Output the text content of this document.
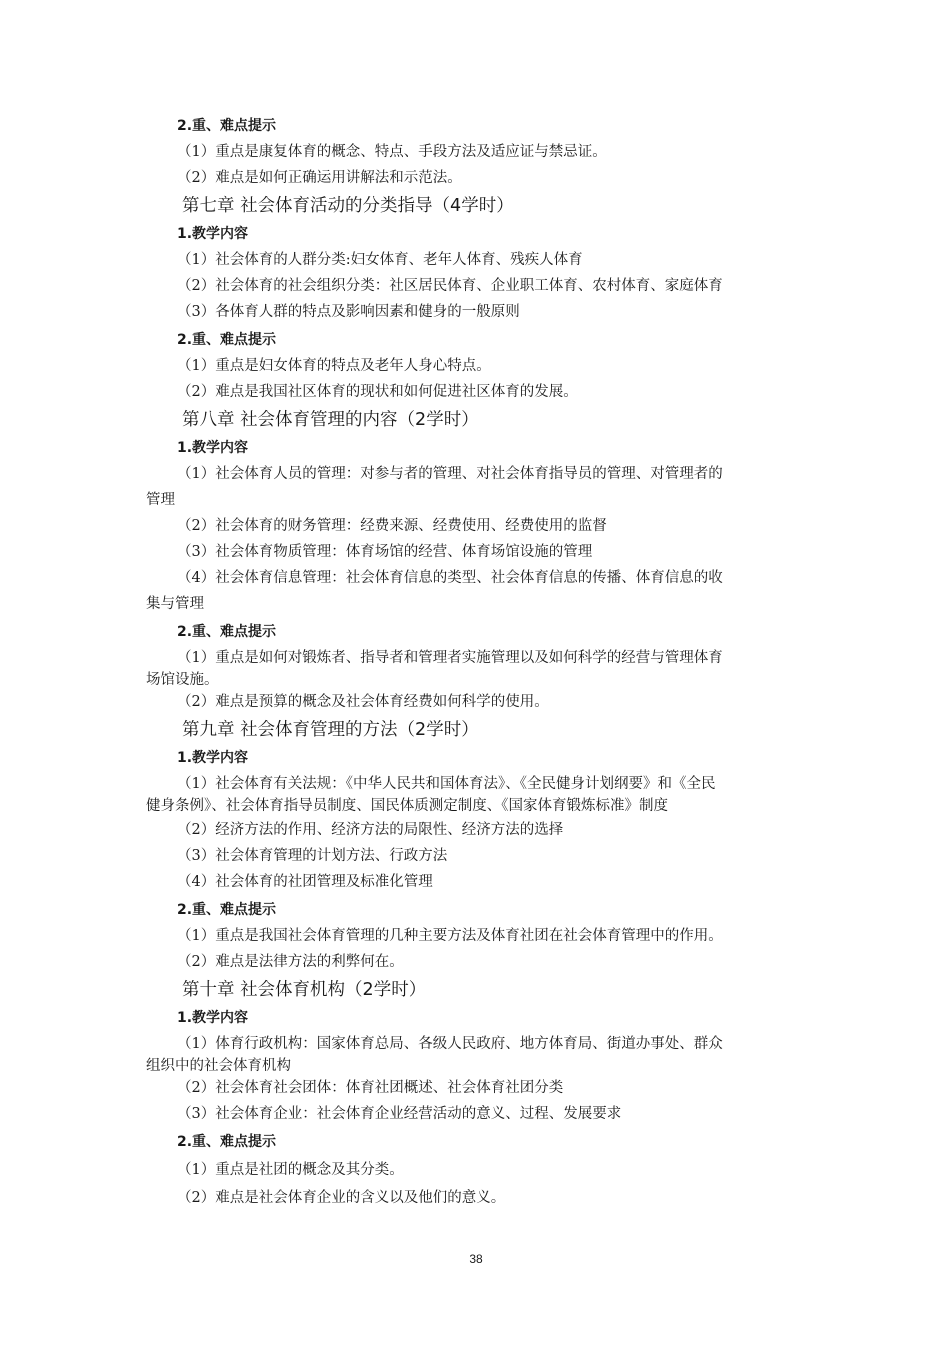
2.重、难点提示
（1）重点是康复体育的概念、特点、手段方法及适应证与禁忌证。
（2）难点是如何正确运用讲解法和示范法。
第七章 社会体育活动的分类指导（4学时）
1.教学内容
（1）社会体育的人群分类:妇女体育、老年人体育、残疾人体育
（2）社会体育的社会组织分类：社区居民体育、企业职工体育、农村体育、家庭体育
（3）各体育人群的特点及影响因素和健身的一般原则
2.重、难点提示
（1）重点是妇女体育的特点及老年人身心特点。
（2）难点是我国社区体育的现状和如何促进社区体育的发展。
第八章 社会体育管理的内容（2学时）
1.教学内容
（1）社会体育人员的管理：对参与者的管理、对社会体育指导员的管理、对管理者的
管理
（2）社会体育的财务管理：经费来源、经费使用、经费使用的监督
（3）社会体育物质管理：体育场馆的经营、体育场馆设施的管理
（4）社会体育信息管理：社会体育信息的类型、社会体育信息的传播、体育信息的收
集与管理
2.重、难点提示
（1）重点是如何对锻炼者、指导者和管理者实施管理以及如何科学的经营与管理体育
场馆设施。
（2）难点是预算的概念及社会体育经费如何科学的使用。
第九章 社会体育管理的方法（2学时）
1.教学内容
（1）社会体育有关法规：《中华人民共和国体育法》、《全民健身计划纲要》和《全民
健身条例》、社会体育指导员制度、国民体质测定制度、《国家体育锻炼标准》制度
（2）经济方法的作用、经济方法的局限性、经济方法的选择
（3）社会体育管理的计划方法、行政方法
（4）社会体育的社团管理及标准化管理
2.重、难点提示
（1）重点是我国社会体育管理的几种主要方法及体育社团在社会体育管理中的作用。
（2）难点是法律方法的利弊何在。
第十章 社会体育机构（2学时）
1.教学内容
（1）体育行政机构：国家体育总局、各级人民政府、地方体育局、街道办事处、群众
组织中的社会体育机构
（2）社会体育社会团体：体育社团概述、社会体育社团分类
（3）社会体育企业：社会体育企业经营活动的意义、过程、发展要求
2.重、难点提示
（1）重点是社团的概念及其分类。
（2）难点是社会体育企业的含义以及他们的意义。
38
